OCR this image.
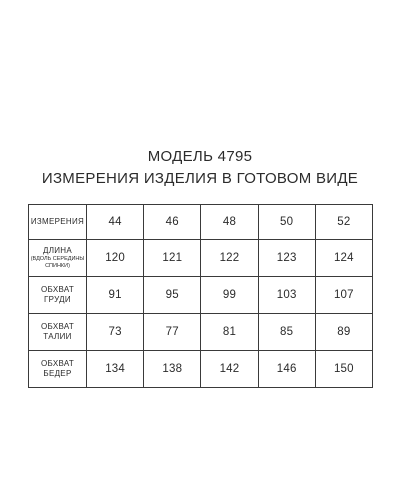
МОДЕЛЬ 4795
ИЗМЕРЕНИЯ ИЗДЕЛИЯ В ГОТОВОМ ВИДЕ
ИЗМЕРЕНИЯ	44	46	48	50	52
ДЛИНА
(ВДОЛЬ СЕРЕДИНЫ
СПИНКИ)	120	121	122	123	124
ОБХВАТ
ГРУДИ	91	95	99	103	107
ОБХВАТ
ТАЛИИ	73	77	81	85	89
ОБХВАТ
БЕДЕР	134	138	142	146	150
